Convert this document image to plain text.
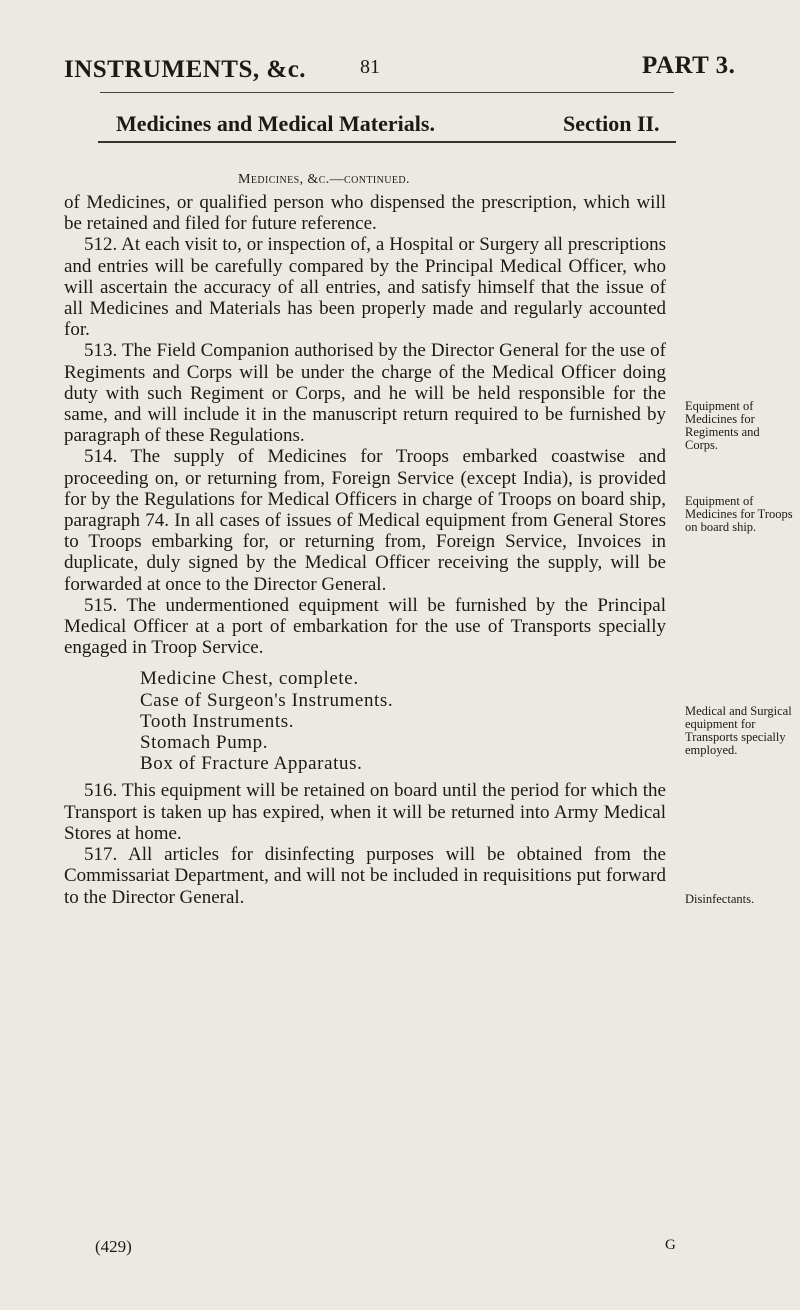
INSTRUMENTS, &c.	81	PART 3.
Medicines and Medical Materials.	Section II.
Medicines, &c.—continued.

of Medicines, or qualified person who dispensed the prescription, which will be retained and filed for future reference.

512. At each visit to, or inspection of, a Hospital or Surgery all prescriptions and entries will be carefully compared by the Principal Medical Officer, who will ascertain the accuracy of all entries, and satisfy himself that the issue of all Medicines and Materials has been properly made and regularly accounted for.

513. The Field Companion authorised by the Director General for the use of Regiments and Corps will be under the charge of the Medical Officer doing duty with such Regiment or Corps, and he will be held responsible for the same, and will include it in the manuscript return required to be furnished by paragraph of these Regulations.

514. The supply of Medicines for Troops embarked coastwise and proceeding on, or returning from, Foreign Service (except India), is provided for by the Regulations for Medical Officers in charge of Troops on board ship, paragraph 74. In all cases of issues of Medical equipment from General Stores to Troops embarking for, or returning from, Foreign Service, Invoices in duplicate, duly signed by the Medical Officer receiving the supply, will be forwarded at once to the Director General.

515. The undermentioned equipment will be furnished by the Principal Medical Officer at a port of embarkation for the use of Transports specially engaged in Troop Service.

Medicine Chest, complete.
Case of Surgeon's Instruments.
Tooth Instruments.
Stomach Pump.
Box of Fracture Apparatus.

516. This equipment will be retained on board until the period for which the Transport is taken up has expired, when it will be returned into Army Medical Stores at home.

517. All articles for disinfecting purposes will be obtained from the Commissariat Department, and will not be included in requisitions put forward to the Director General.

Equipment of Medicines for Regiments and Corps.
Equipment of Medicines for Troops on board ship.
Medical and Surgical equipment for Transports specially employed.
Disinfectants.
(429)	G
